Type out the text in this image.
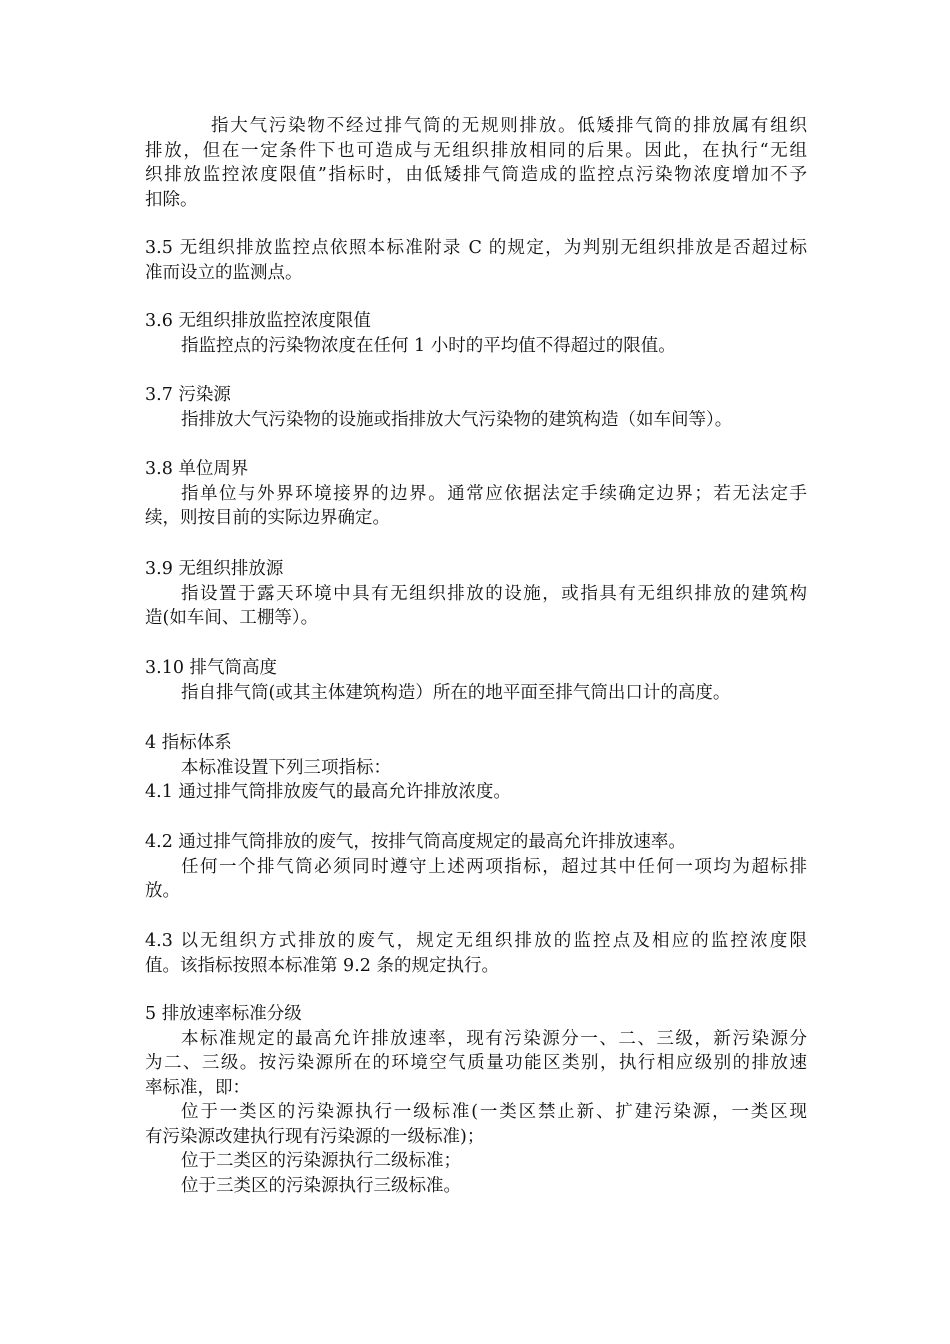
指大气污染物不经过排气筒的无规则排放。低矮排气筒的排放属有组织
排放，但在一定条件下也可造成与无组织排放相同的后果。因此，在执行“无组
织排放监控浓度限值”指标时，由低矮排气筒造成的监控点污染物浓度增加不予
扣除。
3.5 无组织排放监控点依照本标准附录 C 的规定，为判别无组织排放是否超过标
准而设立的监测点。
3.6 无组织排放监控浓度限值
指监控点的污染物浓度在任何 1 小时的平均值不得超过的限值。
3.7 污染源
指排放大气污染物的设施或指排放大气污染物的建筑构造（如车间等）。
3.8 单位周界
指单位与外界环境接界的边界。通常应依据法定手续确定边界；若无法定手
续，则按目前的实际边界确定。
3.9 无组织排放源
指设置于露天环境中具有无组织排放的设施，或指具有无组织排放的建筑构
造(如车间、工棚等）。
3.10 排气筒高度
指自排气筒(或其主体建筑构造）所在的地平面至排气筒出口计的高度。
4 指标体系
本标准设置下列三项指标：
4.1 通过排气筒排放废气的最高允许排放浓度。
4.2 通过排气筒排放的废气，按排气筒高度规定的最高允许排放速率。
任何一个排气筒必须同时遵守上述两项指标，超过其中任何一项均为超标排
放。
4.3 以无组织方式排放的废气，规定无组织排放的监控点及相应的监控浓度限
值。该指标按照本标准第 9.2 条的规定执行。
5 排放速率标准分级
本标准规定的最高允许排放速率，现有污染源分一、二、三级，新污染源分
为二、三级。按污染源所在的环境空气质量功能区类别，执行相应级别的排放速
率标准，即：
位于一类区的污染源执行一级标准(一类区禁止新、扩建污染源，一类区现
有污染源改建执行现有污染源的一级标准)；
位于二类区的污染源执行二级标准；
位于三类区的污染源执行三级标准。
